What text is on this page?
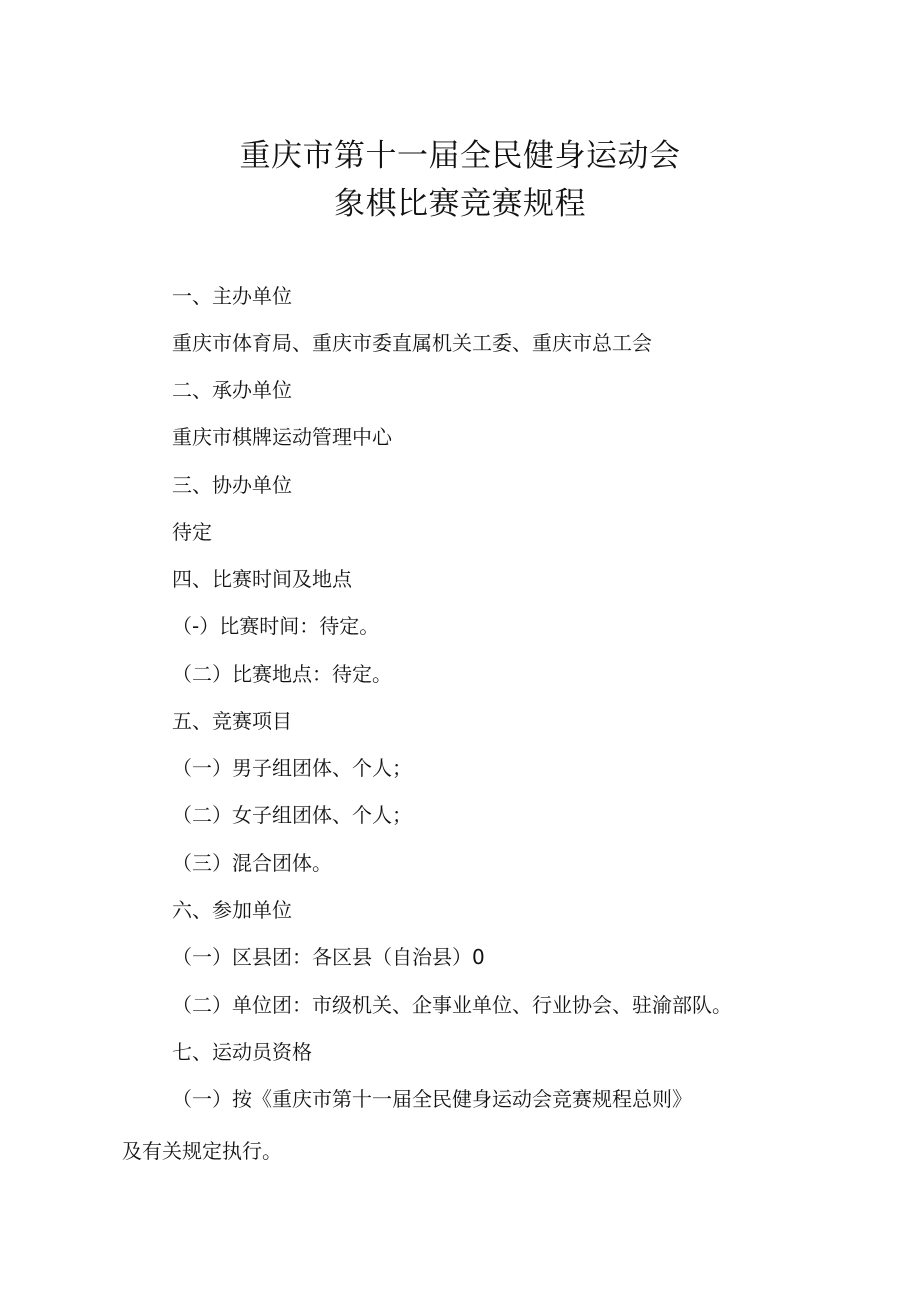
重庆市第十一届全民健身运动会
象棋比赛竞赛规程

一、主办单位

重庆市体育局、重庆市委直属机关工委、重庆市总工会

二、承办单位

重庆市棋牌运动管理中心

三、协办单位

待定

四、比赛时间及地点

（-）比赛时间：待定。

（二）比赛地点：待定。

五、竞赛项目

（一）男子组团体、个人；

（二）女子组团体、个人；

（三）混合团体。

六、参加单位

（一）区县团：各区县（自治县）0

（二）单位团：市级机关、企事业单位、行业协会、驻渝部队。

七、运动员资格

（一）按《重庆市第十一届全民健身运动会竞赛规程总则》

及有关规定执行。
